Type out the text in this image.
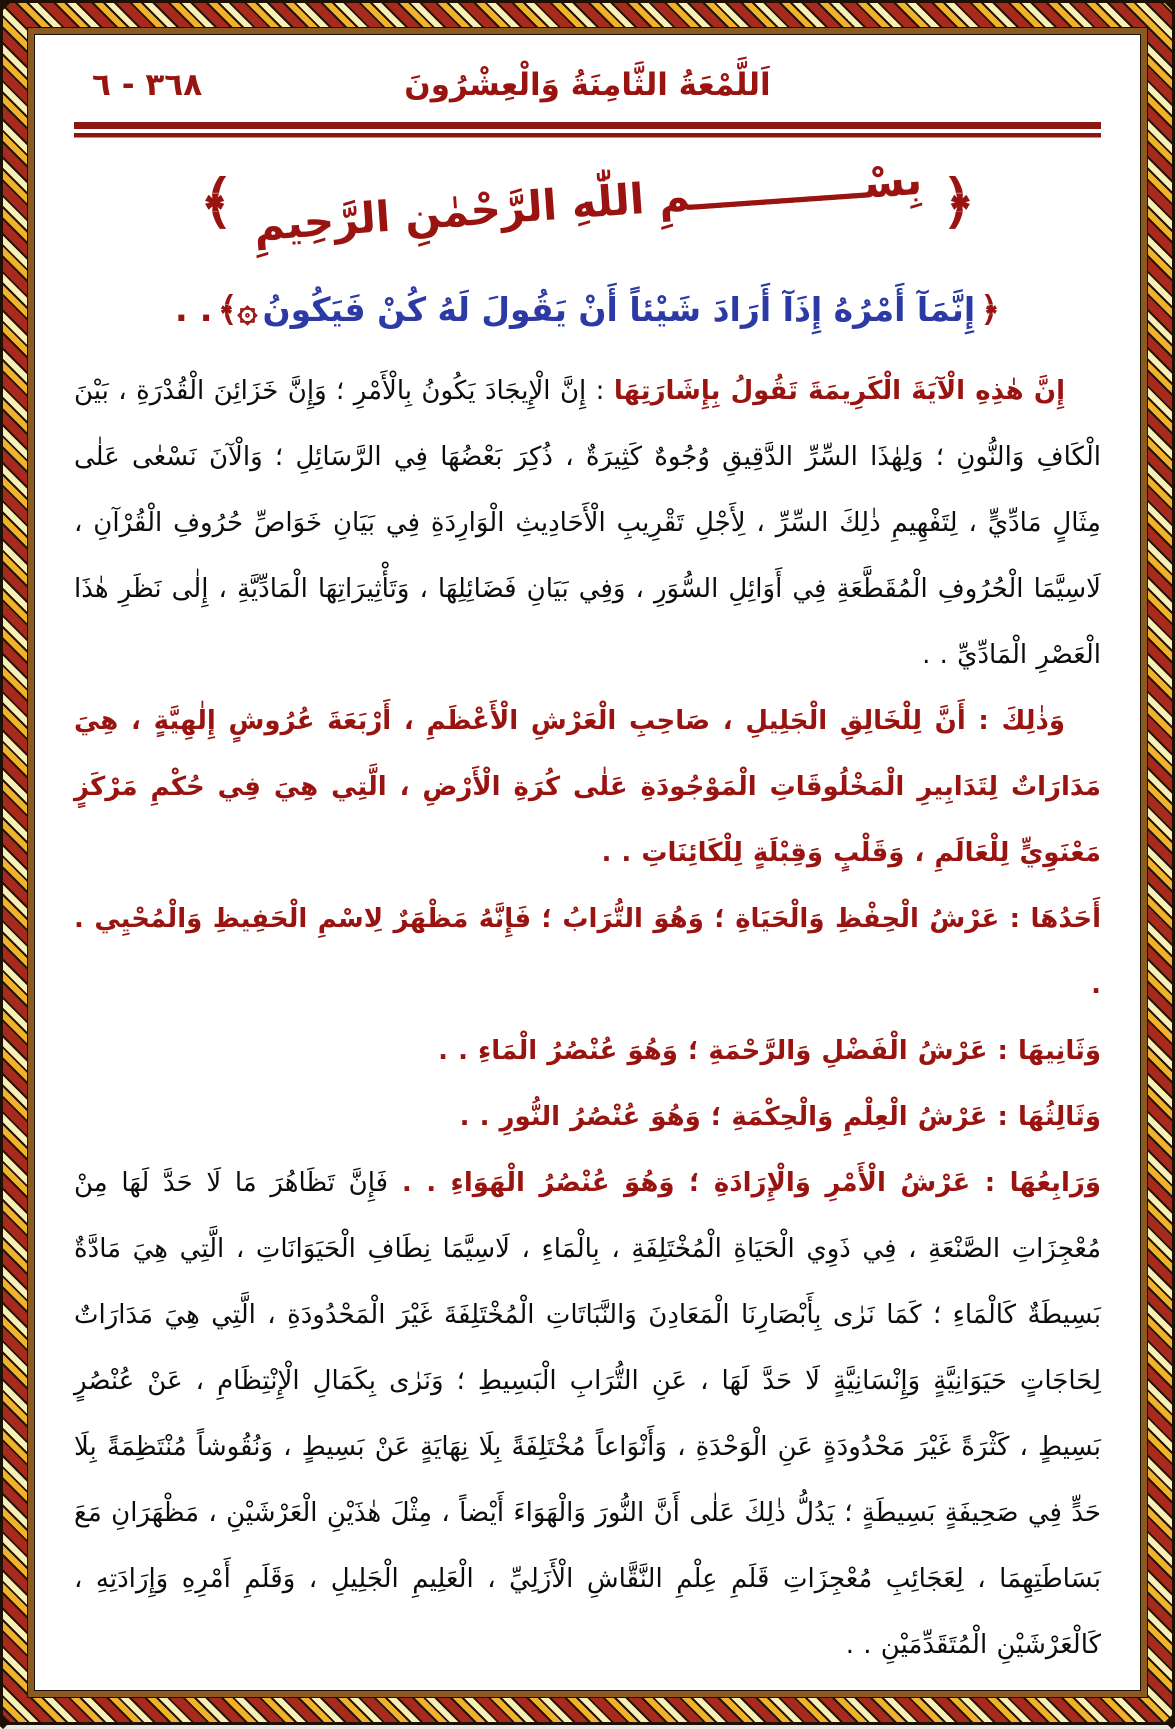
اَللَّمْعَةُ الثَّامِنَةُ وَالْعِشْرُونَ
٣٦٨ - ٦
﴿ بِسْــــــــــــمِ اللّٰهِ الرَّحْمٰنِ الرَّحِيمِ ﴾
﴿ إِنَّمَآ أَمْرُهُ إِذَآ أَرَادَ شَيْئاً أَنْ يَقُولَ لَهُ كُنْ فَيَكُونُ ۞﴾ . .

إِنَّ هٰذِهِ الْآيَةَ الْكَرِيمَةَ تَقُولُ بِإِشَارَتِهَا : إِنَّ الْإِيجَادَ يَكُونُ بِالْأَمْرِ ؛ وَإِنَّ خَزَائِنَ الْقُدْرَةِ ، بَيْنَ الْكَافِ وَالنُّونِ ؛ وَلِهٰذَا السِّرِّ الدَّقِيقِ وُجُوهٌ كَثِيرَةٌ ، ذُكِرَ بَعْضُهَا فِي الرَّسَائِلِ ؛ وَالْآنَ نَسْعٰى عَلٰى مِثَالٍ مَادِّيٍّ ، لِتَفْهِيمِ ذٰلِكَ السِّرِّ ، لِأَجْلِ تَقْرِيبِ الْأَحَادِيثِ الْوَارِدَةِ فِي بَيَانِ خَوَاصِّ حُرُوفِ الْقُرْآنِ ، لَاسِيَّمَا الْحُرُوفِ الْمُقَطَّعَةِ فِي أَوَائِلِ السُّوَرِ ، وَفِي بَيَانِ فَضَائِلِهَا ، وَتَأْثِيرَاتِهَا الْمَادِّيَّةِ ، إِلٰى نَظَرِ هٰذَا الْعَصْرِ الْمَادِّيِّ . .

وَذٰلِكَ : أَنَّ لِلْخَالِقِ الْجَلِيلِ ، صَاحِبِ الْعَرْشِ الْأَعْظَمِ ، أَرْبَعَةَ عُرُوشٍ إِلٰهِيَّةٍ ، هِيَ مَدَارَاتٌ لِتَدَابِيرِ الْمَخْلُوقَاتِ الْمَوْجُودَةِ عَلٰى كُرَةِ الْأَرْضِ ، الَّتِي هِيَ فِي حُكْمِ مَرْكَزٍ مَعْنَوِيٍّ لِلْعَالَمِ ، وَقَلْبٍ وَقِبْلَةٍ لِلْكَائِنَاتِ . .

أَحَدُهَا : عَرْشُ الْحِفْظِ وَالْحَيَاةِ ؛ وَهُوَ التُّرَابُ ؛ فَإِنَّهُ مَظْهَرٌ لِاسْمِ الْحَفِيظِ وَالْمُحْيِي . .

وَثَانِيهَا : عَرْشُ الْفَضْلِ وَالرَّحْمَةِ ؛ وَهُوَ عُنْصُرُ الْمَاءِ . .

وَثَالِثُهَا : عَرْشُ الْعِلْمِ وَالْحِكْمَةِ ؛ وَهُوَ عُنْصُرُ النُّورِ . .

وَرَابِعُهَا : عَرْشُ الْأَمْرِ وَالْإِرَادَةِ ؛ وَهُوَ عُنْصُرُ الْهَوَاءِ . . فَإِنَّ تَظَاهُرَ مَا لَا حَدَّ لَهَا مِنْ مُعْجِزَاتِ الصَّنْعَةِ ، فِي ذَوِي الْحَيَاةِ الْمُخْتَلِفَةِ ، بِالْمَاءِ ، لَاسِيَّمَا نِطَافِ الْحَيَوَانَاتِ ، الَّتِي هِيَ مَادَّةٌ بَسِيطَةٌ كَالْمَاءِ ؛ كَمَا نَرٰى بِأَبْصَارِنَا الْمَعَادِنَ وَالنَّبَاتَاتِ الْمُخْتَلِفَةَ غَيْرَ الْمَحْدُودَةِ ، الَّتِي هِيَ مَدَارَاتٌ لِحَاجَاتٍ حَيَوَانِيَّةٍ وَإِنْسَانِيَّةٍ لَا حَدَّ لَهَا ، عَنِ التُّرَابِ الْبَسِيطِ ؛ وَنَرٰى بِكَمَالِ الْإِنْتِظَامِ ، عَنْ عُنْصُرٍ بَسِيطٍ ، كَثْرَةً غَيْرَ مَحْدُودَةٍ عَنِ الْوَحْدَةِ ، وَأَنْوَاعاً مُخْتَلِفَةً بِلَا نِهَايَةٍ عَنْ بَسِيطٍ ، وَنُقُوشاً مُنْتَظِمَةً بِلَا حَدٍّ فِي صَحِيفَةٍ بَسِيطَةٍ ؛ يَدُلُّ ذٰلِكَ عَلٰى أَنَّ النُّورَ وَالْهَوَاءَ أَيْضاً ، مِثْلَ هٰذَيْنِ الْعَرْشَيْنِ ، مَظْهَرَانِ مَعَ بَسَاطَتِهِمَا ، لِعَجَائِبِ مُعْجِزَاتِ قَلَمِ عِلْمِ النَّقَّاشِ الْأَزَلِيِّ ، الْعَلِيمِ الْجَلِيلِ ، وَقَلَمِ أَمْرِهِ وَإِرَادَتِهِ ، كَالْعَرْشَيْنِ الْمُتَقَدِّمَيْنِ . .
